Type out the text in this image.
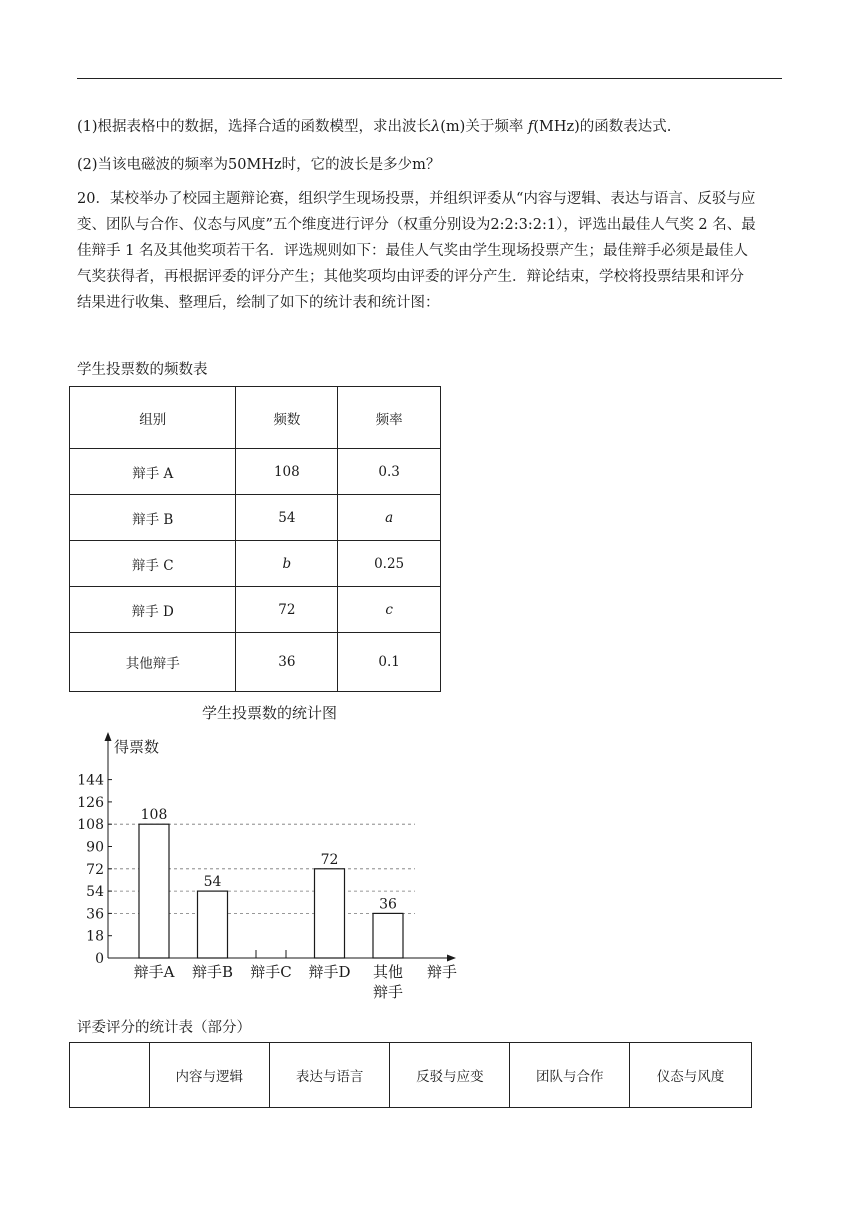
(1)根据表格中的数据，选择合适的函数模型，求出波长λ(m)关于频率 f(MHz)的函数表达式.

(2)当该电磁波的频率为50MHz时，它的波长是多少m？

20．某校举办了校园主题辩论赛，组织学生现场投票，并组织评委从“内容与逻辑、表达与语言、反驳与应
变、团队与合作、仪态与风度”五个维度进行评分（权重分别设为2:2:3:2:1），评选出最佳人气奖 2 名、最
佳辩手 1 名及其他奖项若干名．评选规则如下：最佳人气奖由学生现场投票产生；最佳辩手必须是最佳人
气奖获得者，再根据评委的评分产生；其他奖项均由评委的评分产生．辩论结束，学校将投票结果和评分
结果进行收集、整理后，绘制了如下的统计表和统计图：

学生投票数的频数表
组别	频数	频率
辩手 A	108	0.3
辩手 B	54	a
辩手 C	b	0.25
辩手 D	72	c
其他辩手	36	0.1
学生投票数的统计图
得票数
辩手
0
18
36
54
72
90
108
126
144
108
辩手A
54
辩手B 辩手C
72
辩手D
36
其他
辩手
评委评分的统计表（部分）
	内容与逻辑	表达与语言	反驳与应变	团队与合作	仪态与风度
